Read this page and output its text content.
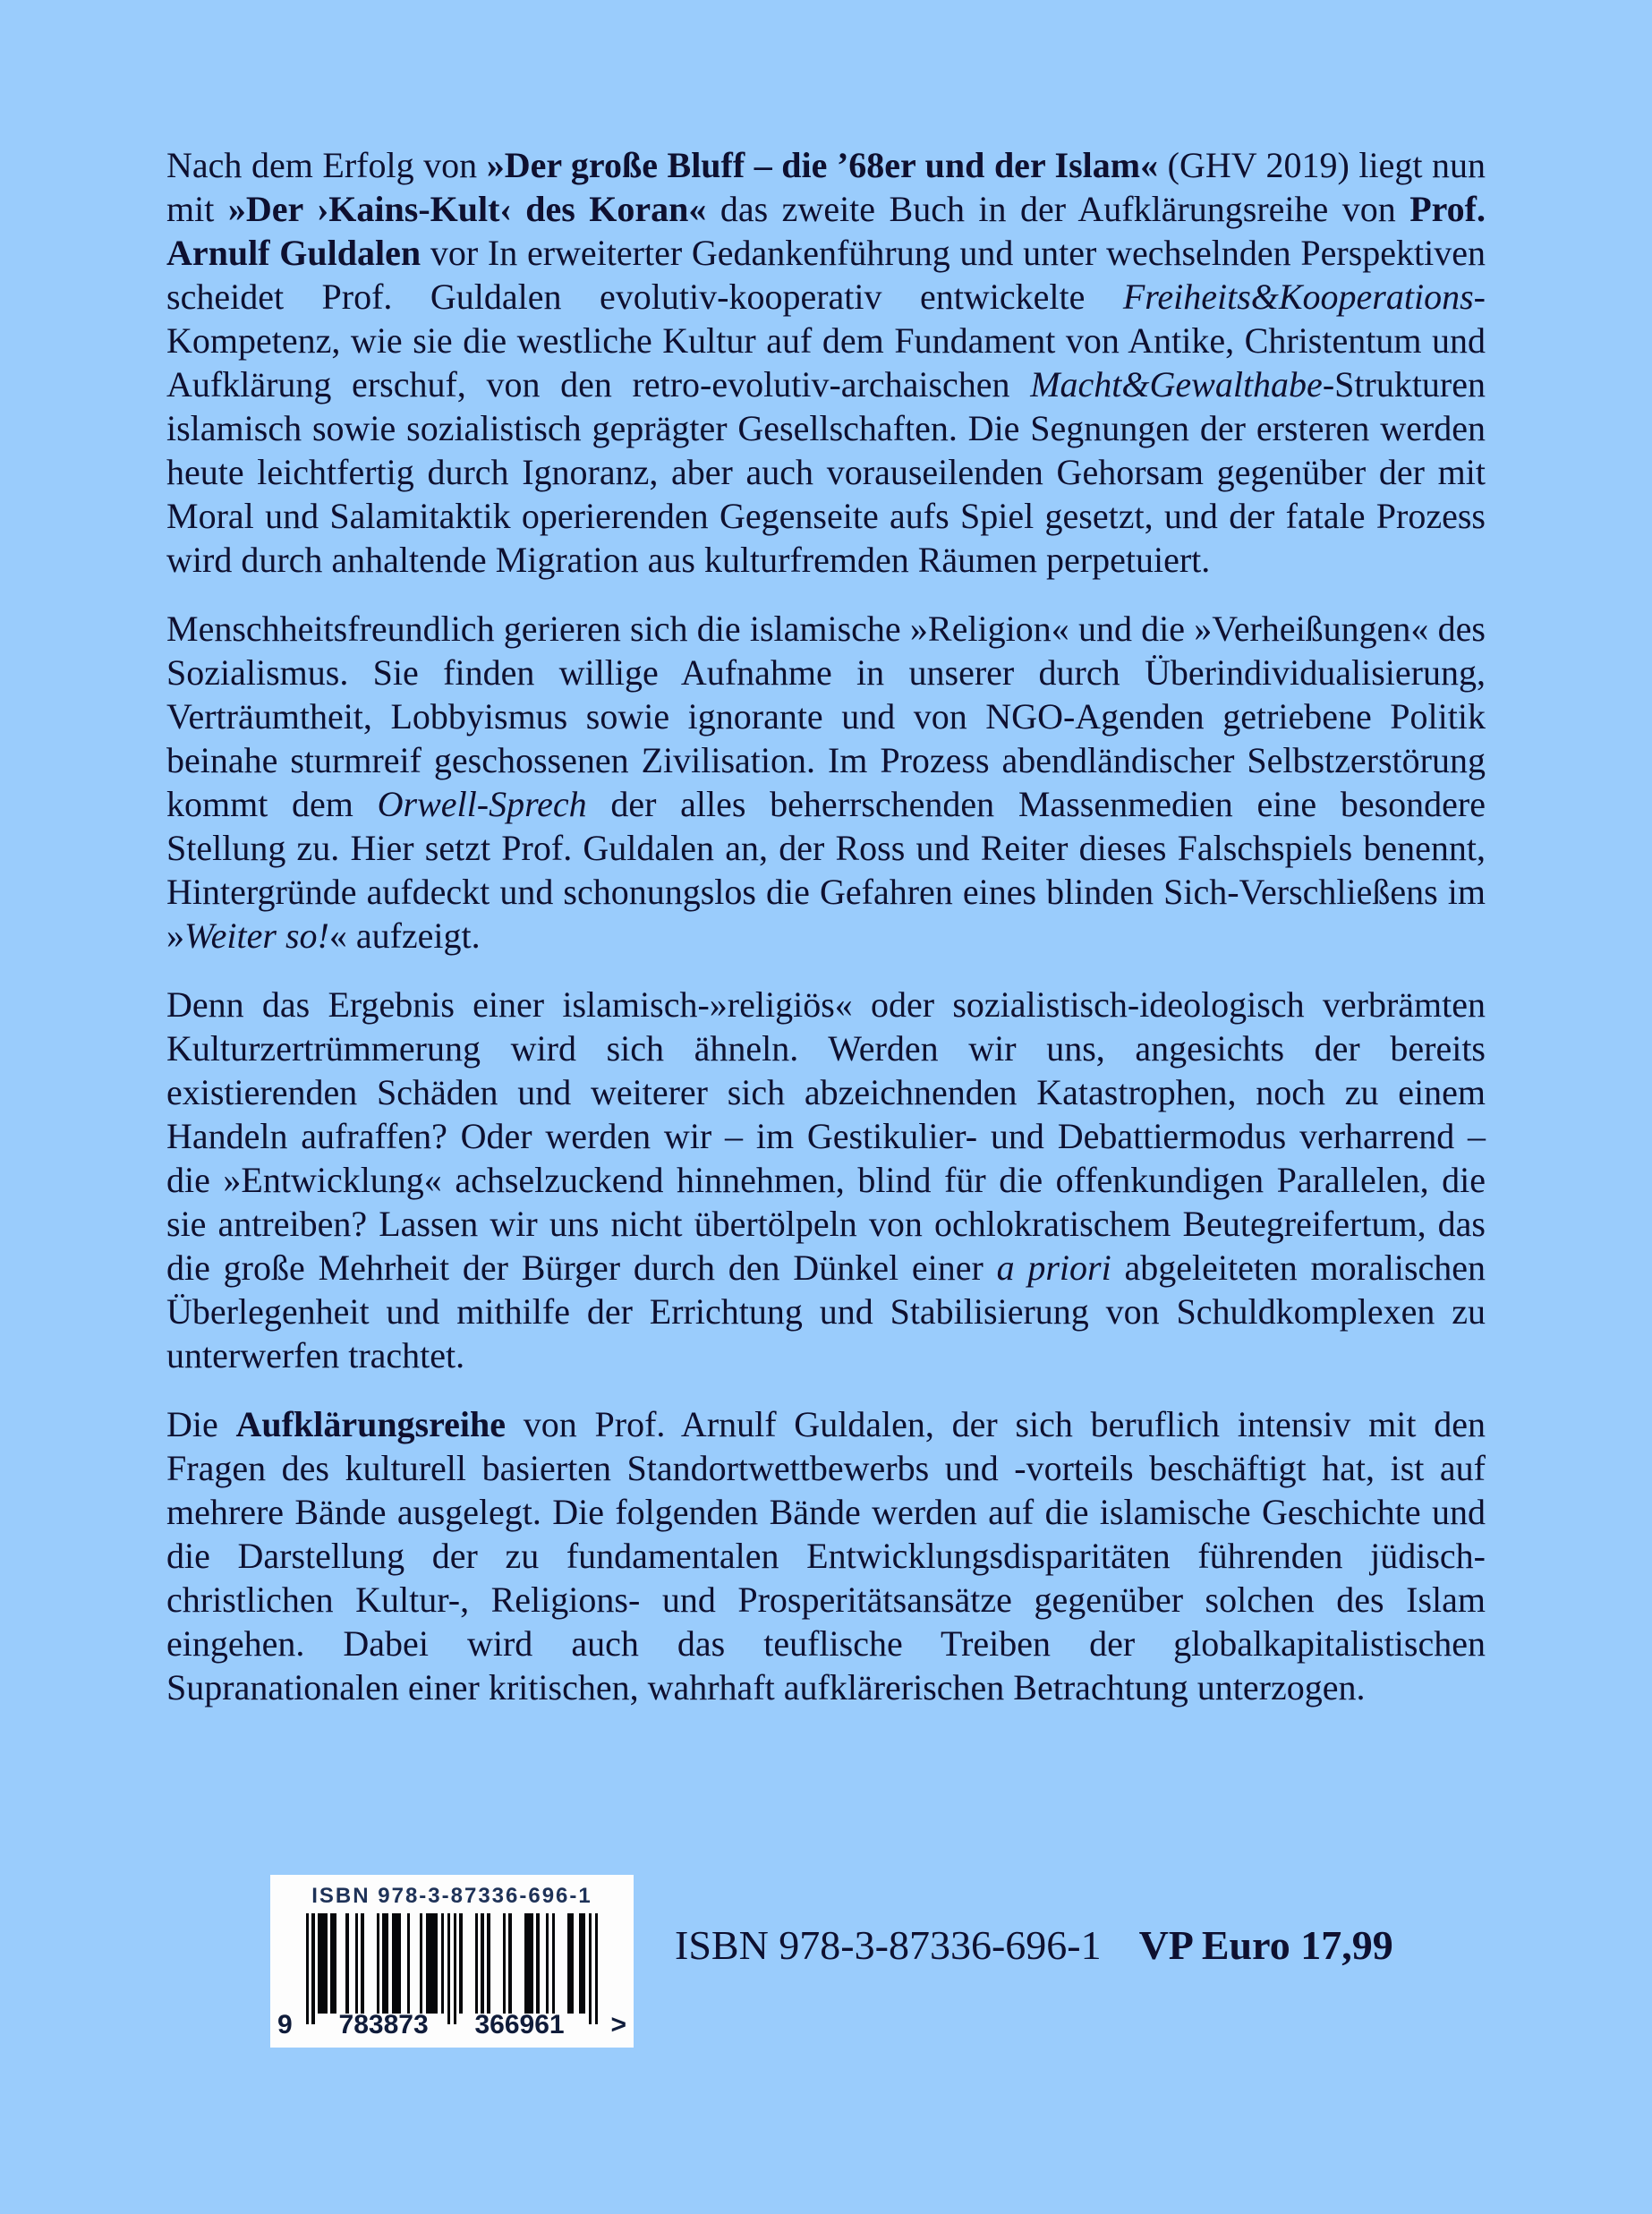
Nach dem Erfolg von »Der große Bluff – die ’68er und der Islam« (GHV 2019) liegt nun mit »Der ›Kains-Kult‹ des Koran« das zweite Buch in der Aufklärungsreihe von Prof. Arnulf Guldalen vor In erweiterter Gedankenführung und unter wechselnden Perspektiven scheidet Prof. Guldalen evolutiv-kooperativ entwickelte Freiheits&Kooperations-Kompetenz, wie sie die westliche Kultur auf dem Fundament von Antike, Christentum und Aufklärung erschuf, von den retro-evolutiv-archaischen Macht&Gewalthabe-Strukturen islamisch sowie sozialistisch geprägter Gesellschaften. Die Segnungen der ersteren werden heute leichtfertig durch Ignoranz, aber auch vorauseilenden Gehorsam gegenüber der mit Moral und Salamitaktik operierenden Gegenseite aufs Spiel gesetzt, und der fatale Prozess wird durch anhaltende Migration aus kulturfremden Räumen perpetuiert.

Menschheitsfreundlich gerieren sich die islamische »Religion« und die »Verheißungen« des Sozialismus. Sie finden willige Aufnahme in unserer durch Überindividualisierung, Verträumtheit, Lobbyismus sowie ignorante und von NGO-Agenden getriebene Politik beinahe sturmreif geschossenen Zivilisation. Im Prozess abendländischer Selbstzerstörung kommt dem Orwell-Sprech der alles beherrschenden Massenmedien eine besondere Stellung zu. Hier setzt Prof. Guldalen an, der Ross und Reiter dieses Falschspiels benennt, Hintergründe aufdeckt und schonungslos die Gefahren eines blinden Sich-Verschließens im »Weiter so!« aufzeigt.

Denn das Ergebnis einer islamisch-»religiös« oder sozialistisch-ideologisch verbrämten Kulturzertrümmerung wird sich ähneln. Werden wir uns, angesichts der bereits existierenden Schäden und weiterer sich abzeichnenden Katastrophen, noch zu einem Handeln aufraffen? Oder werden wir – im Gestikulier- und Debattiermodus verharrend – die »Entwicklung« achselzuckend hinnehmen, blind für die offenkundigen Parallelen, die sie antreiben? Lassen wir uns nicht übertölpeln von ochlokratischem Beutegreifertum, das die große Mehrheit der Bürger durch den Dünkel einer a priori abgeleiteten moralischen Überlegenheit und mithilfe der Errichtung und Stabilisierung von Schuldkomplexen zu unterwerfen trachtet.

Die Aufklärungsreihe von Prof. Arnulf Guldalen, der sich beruflich intensiv mit den Fragen des kulturell basierten Standortwettbewerbs und -vorteils beschäftigt hat, ist auf mehrere Bände ausgelegt. Die folgenden Bände werden auf die islamische Geschichte und die Darstellung der zu fundamentalen Entwicklungsdisparitäten führenden jüdisch-christlichen Kultur-, Religions- und Prosperitätsansätze gegenüber solchen des Islam eingehen. Dabei wird auch das teuflische Treiben der globalkapitalistischen Supranationalen einer kritischen, wahrhaft aufklärerischen Betrachtung unterzogen.

ISBN 978-3-87336-696-1
9 783873 366961 >
ISBN 978-3-87336-696-1 VP Euro 17,99
